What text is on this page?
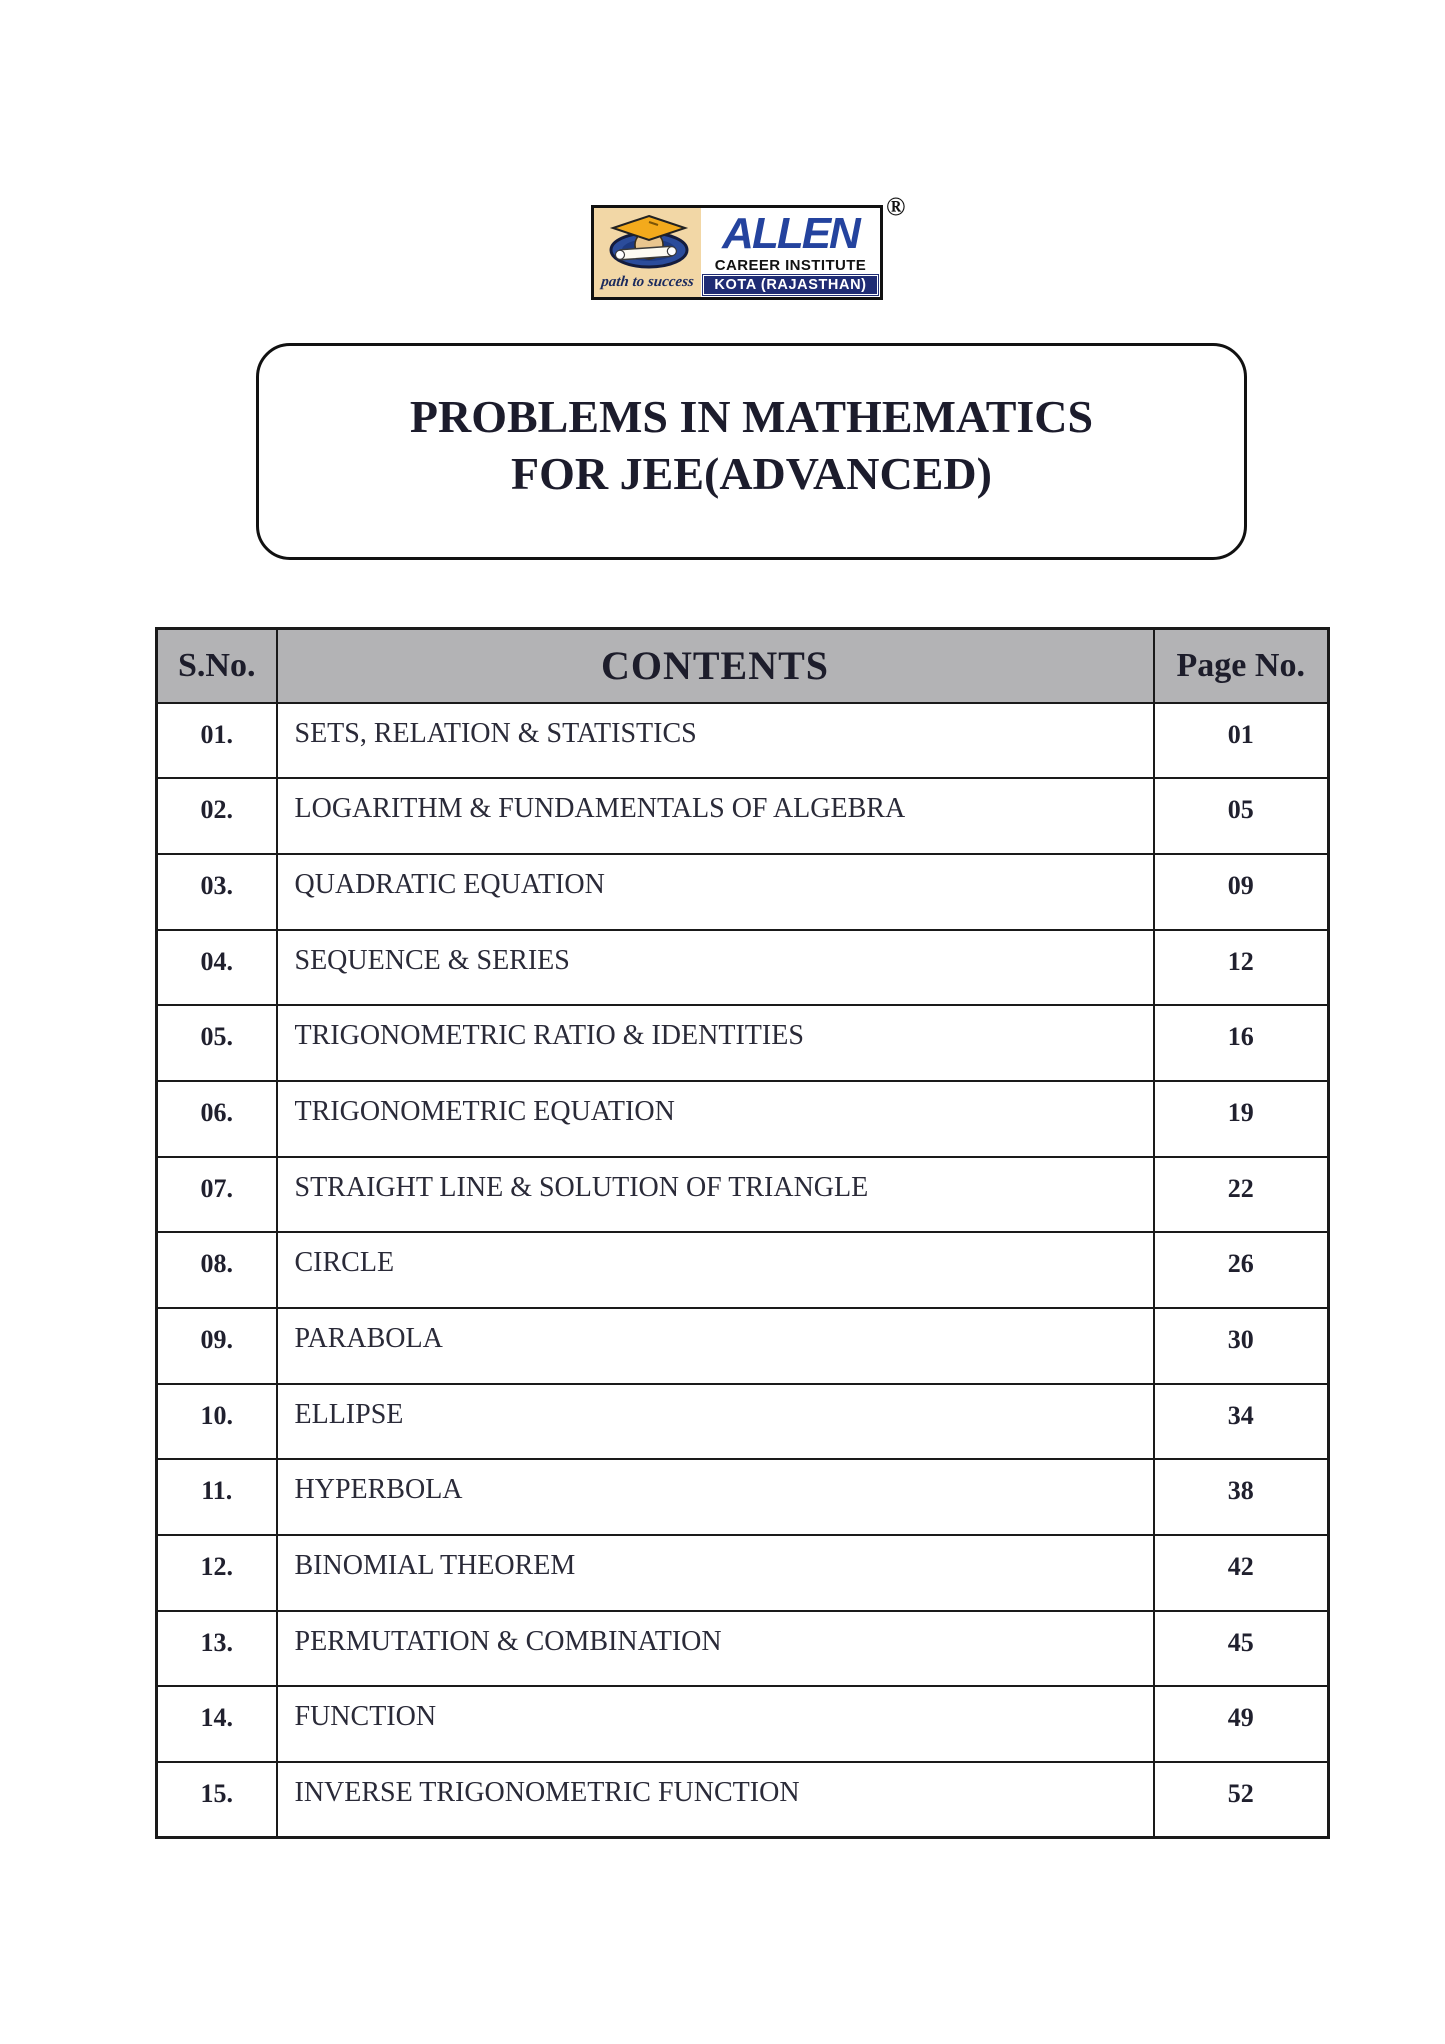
path to success
ALLEN
CAREER INSTITUTE
KOTA (RAJASTHAN)
®
PROBLEMS IN MATHEMATICS
FOR JEE(ADVANCED)
S.No.	CONTENTS	Page No.
01.	SETS, RELATION & STATISTICS	01
02.	LOGARITHM & FUNDAMENTALS OF ALGEBRA	05
03.	QUADRATIC EQUATION	09
04.	SEQUENCE & SERIES	12
05.	TRIGONOMETRIC RATIO & IDENTITIES	16
06.	TRIGONOMETRIC EQUATION	19
07.	STRAIGHT LINE & SOLUTION OF TRIANGLE	22
08.	CIRCLE	26
09.	PARABOLA	30
10.	ELLIPSE	34
11.	HYPERBOLA	38
12.	BINOMIAL THEOREM	42
13.	PERMUTATION & COMBINATION	45
14.	FUNCTION	49
15.	INVERSE TRIGONOMETRIC FUNCTION	52
